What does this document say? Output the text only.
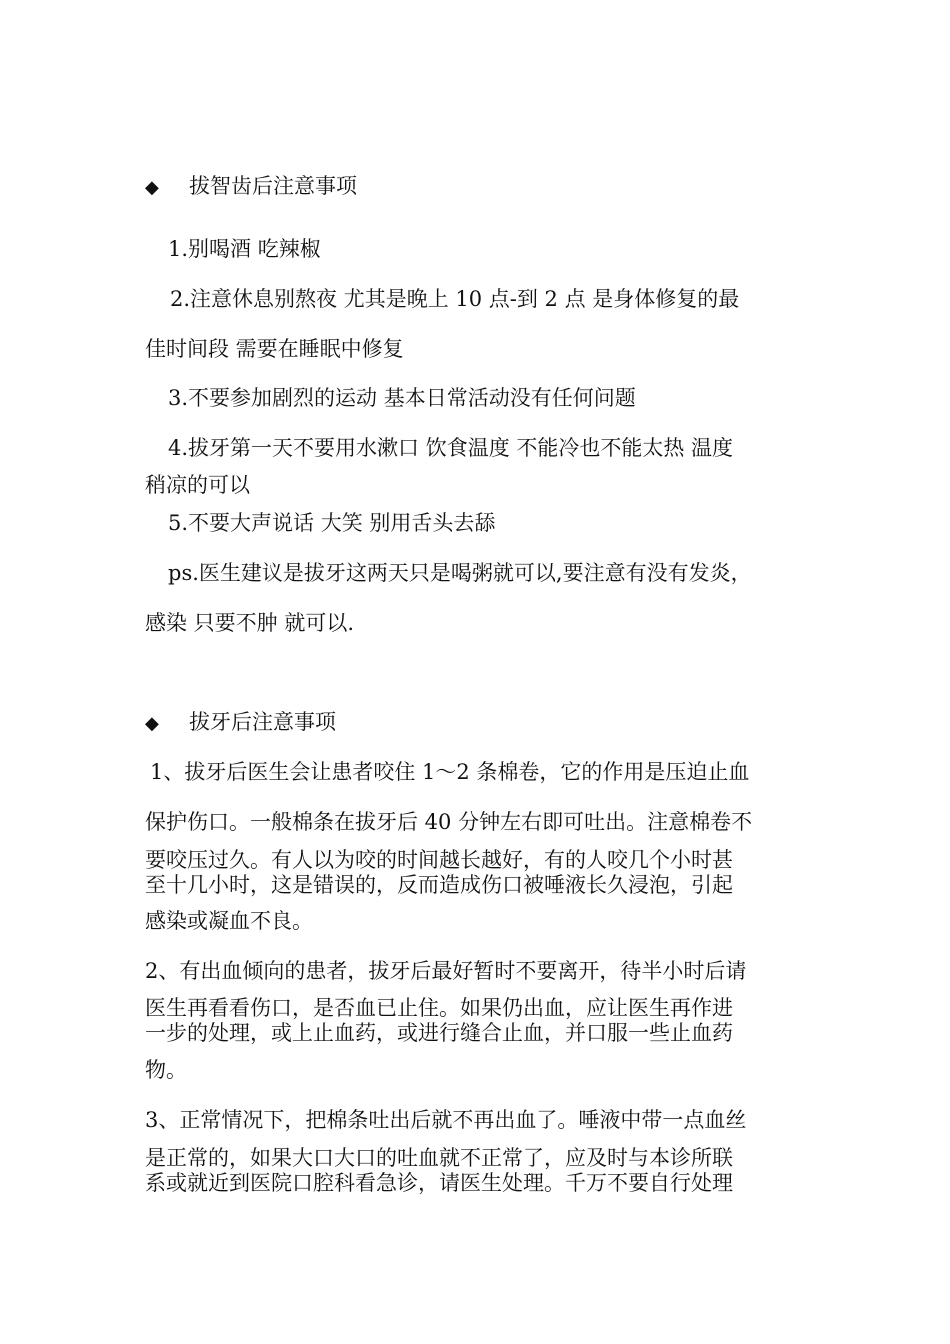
◆ 拔智齿后注意事项
1.别喝酒 吃辣椒
2.注意休息别熬夜 尤其是晚上 10 点-到 2 点 是身体修复的最
佳时间段 需要在睡眠中修复
3.不要参加剧烈的运动 基本日常活动没有任何问题
4.拔牙第一天不要用水漱口 饮食温度 不能冷也不能太热 温度
稍凉的可以
5.不要大声说话 大笑 别用舌头去舔
ps.医生建议是拔牙这两天只是喝粥就可以,要注意有没有发炎，
感染 只要不肿 就可以.
◆ 拔牙后注意事项
1、拔牙后医生会让患者咬住 1～2 条棉卷，它的作用是压迫止血
保护伤口。一般棉条在拔牙后 40 分钟左右即可吐出。注意棉卷不
要咬压过久。有人以为咬的时间越长越好，有的人咬几个小时甚
至十几小时，这是错误的，反而造成伤口被唾液长久浸泡，引起
感染或凝血不良。
2、有出血倾向的患者，拔牙后最好暂时不要离开，待半小时后请
医生再看看伤口，是否血已止住。如果仍出血，应让医生再作进
一步的处理，或上止血药，或进行缝合止血，并口服一些止血药
物。
3、正常情况下，把棉条吐出后就不再出血了。唾液中带一点血丝
是正常的，如果大口大口的吐血就不正常了，应及时与本诊所联
系或就近到医院口腔科看急诊，请医生处理。千万不要自行处理
